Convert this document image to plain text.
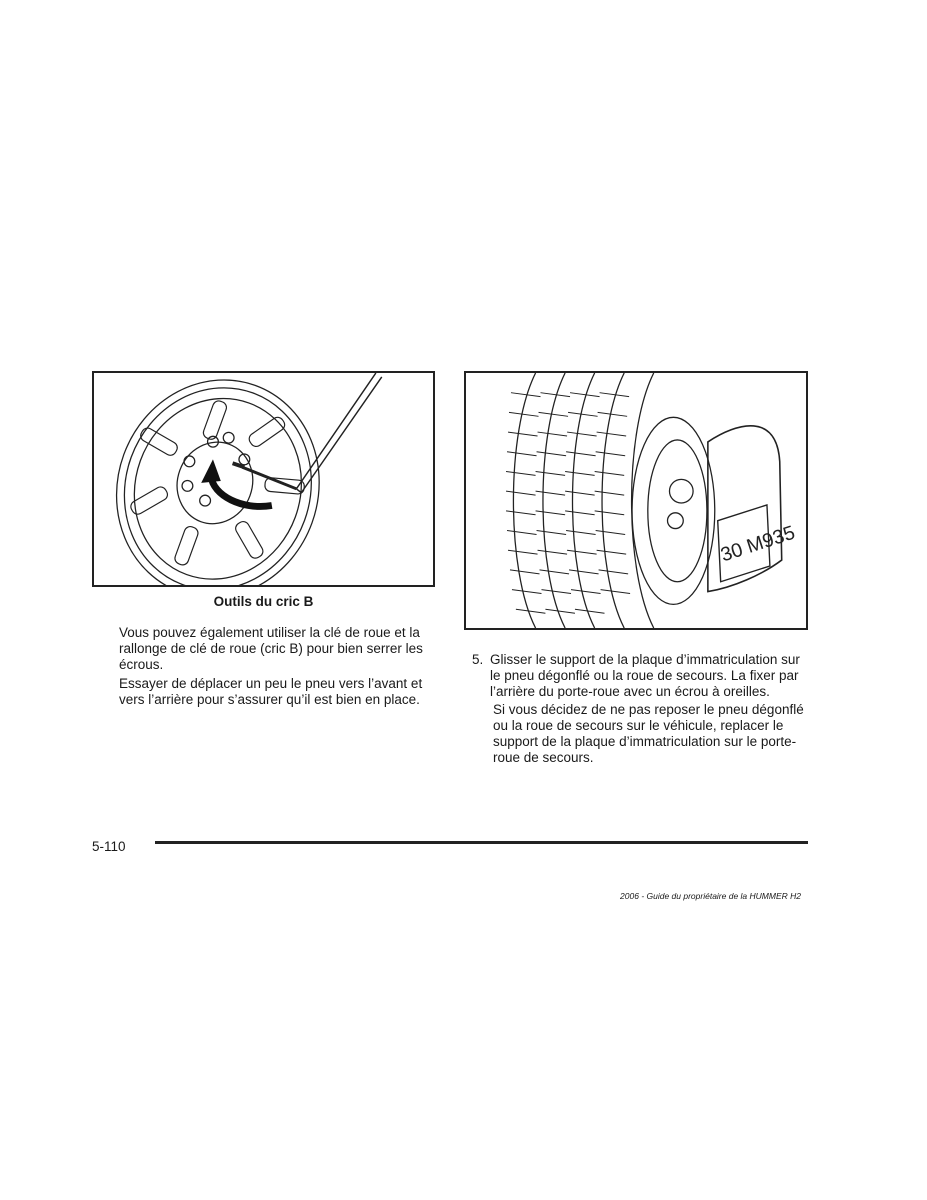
Outils du cric B

Vous pouvez également utiliser la clé de roue et la rallonge de clé de roue (cric B) pour bien serrer les écrous.

Essayer de déplacer un peu le pneu vers l’avant et vers l’arrière pour s’assurer qu’il est bien en place.

30 M935
5. Glisser le support de la plaque d’immatriculation sur le pneu dégonflé ou la roue de secours. La fixer par l’arrière du porte-roue avec un écrou à oreilles.

Si vous décidez de ne pas reposer le pneu dégonflé ou la roue de secours sur le véhicule, replacer le support de la plaque d’immatriculation sur le porte-roue de secours.

5-110
2006 - Guide du propriétaire de la HUMMER H2
